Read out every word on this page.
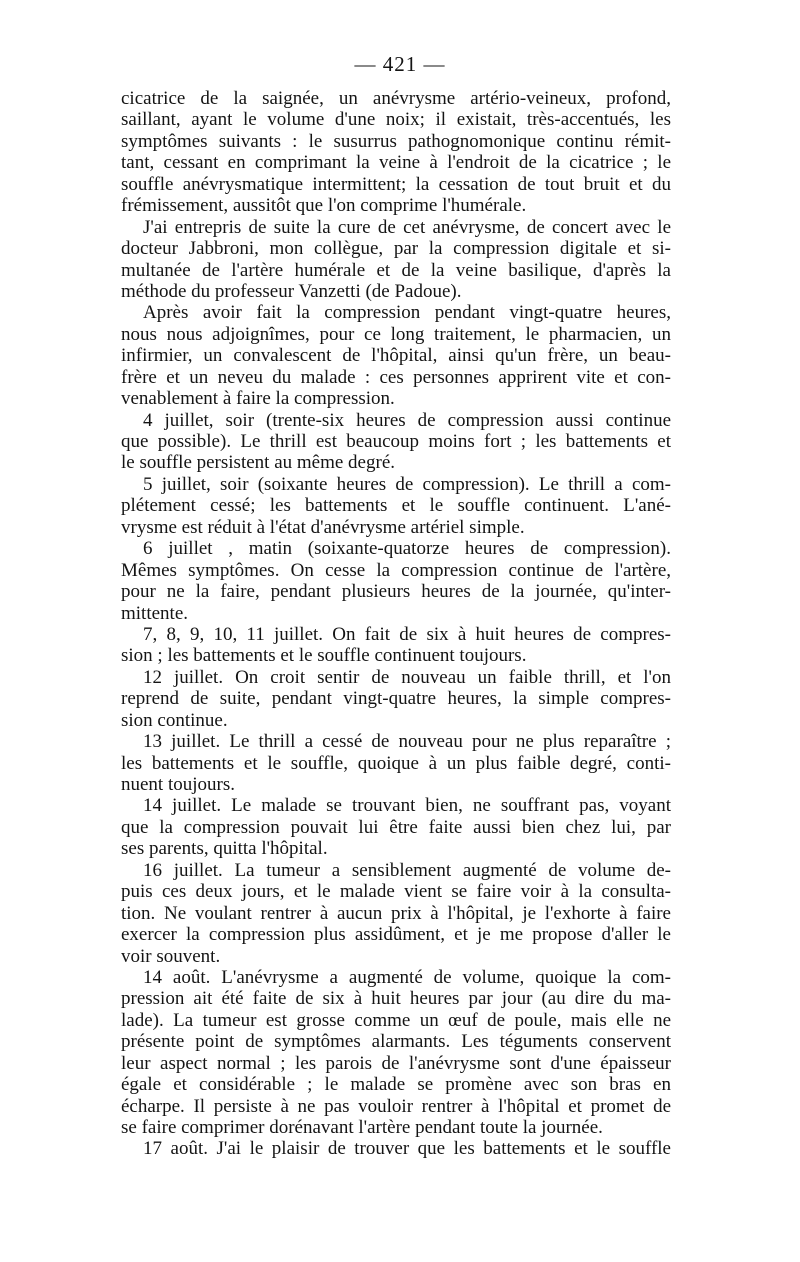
— 421 —
cicatrice de la saignée, un anévrysme artério-veineux, profond,
saillant, ayant le volume d'une noix; il existait, très-accentués, les
symptômes suivants : le susurrus pathognomonique continu rémit-
tant, cessant en comprimant la veine à l'endroit de la cicatrice ; le
souffle anévrysmatique intermittent; la cessation de tout bruit et du
frémissement, aussitôt que l'on comprime l'humérale.
J'ai entrepris de suite la cure de cet anévrysme, de concert avec le
docteur Jabbroni, mon collègue, par la compression digitale et si-
multanée de l'artère humérale et de la veine basilique, d'après la
méthode du professeur Vanzetti (de Padoue).
Après avoir fait la compression pendant vingt-quatre heures,
nous nous adjoignîmes, pour ce long traitement, le pharmacien, un
infirmier, un convalescent de l'hôpital, ainsi qu'un frère, un beau-
frère et un neveu du malade : ces personnes apprirent vite et con-
venablement à faire la compression.
4 juillet, soir (trente-six heures de compression aussi continue
que possible). Le thrill est beaucoup moins fort ; les battements et
le souffle persistent au même degré.
5 juillet, soir (soixante heures de compression). Le thrill a com-
plétement cessé; les battements et le souffle continuent. L'ané-
vrysme est réduit à l'état d'anévrysme artériel simple.
6 juillet , matin (soixante-quatorze heures de compression).
Mêmes symptômes. On cesse la compression continue de l'artère,
pour ne la faire, pendant plusieurs heures de la journée, qu'inter-
mittente.
7, 8, 9, 10, 11 juillet. On fait de six à huit heures de compres-
sion ; les battements et le souffle continuent toujours.
12 juillet. On croit sentir de nouveau un faible thrill, et l'on
reprend de suite, pendant vingt-quatre heures, la simple compres-
sion continue.
13 juillet. Le thrill a cessé de nouveau pour ne plus reparaître ;
les battements et le souffle, quoique à un plus faible degré, conti-
nuent toujours.
14 juillet. Le malade se trouvant bien, ne souffrant pas, voyant
que la compression pouvait lui être faite aussi bien chez lui, par
ses parents, quitta l'hôpital.
16 juillet. La tumeur a sensiblement augmenté de volume de-
puis ces deux jours, et le malade vient se faire voir à la consulta-
tion. Ne voulant rentrer à aucun prix à l'hôpital, je l'exhorte à faire
exercer la compression plus assidûment, et je me propose d'aller le
voir souvent.
14 août. L'anévrysme a augmenté de volume, quoique la com-
pression ait été faite de six à huit heures par jour (au dire du ma-
lade). La tumeur est grosse comme un œuf de poule, mais elle ne
présente point de symptômes alarmants. Les téguments conservent
leur aspect normal ; les parois de l'anévrysme sont d'une épaisseur
égale et considérable ; le malade se promène avec son bras en
écharpe. Il persiste à ne pas vouloir rentrer à l'hôpital et promet de
se faire comprimer dorénavant l'artère pendant toute la journée.
17 août. J'ai le plaisir de trouver que les battements et le souffle
